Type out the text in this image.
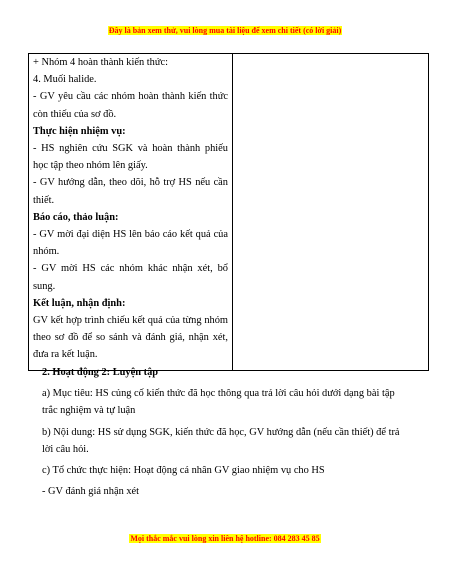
Đây là bản xem thử, vui lòng mua tài liệu để xem chi tiết (có lời giải)

+ Nhóm 4 hoàn thành kiến thức:

4. Muối halide.

- GV yêu cầu các nhóm hoàn thành kiến thức còn thiếu của sơ đồ.

Thực hiện nhiệm vụ:

- HS nghiên cứu SGK và hoàn thành phiếu học tập theo nhóm lên giấy.

- GV hướng dẫn, theo dõi, hỗ trợ HS nếu cần thiết.

Báo cáo, thảo luận:

- GV mời đại diện HS lên báo cáo kết quả của nhóm.

- GV mời HS các nhóm khác nhận xét, bổ sung.

Kết luận, nhận định:

GV kết hợp trình chiếu kết quả của từng nhóm theo sơ đồ để so sánh và đánh giá, nhận xét, đưa ra kết luận.

2. Hoạt động 2: Luyện tập

a) Mục tiêu: HS củng cố kiến thức đã học thông qua trả lời câu hỏi dưới dạng bài tập trắc nghiệm và tự luận

b) Nội dung: HS sử dụng SGK, kiến thức đã học, GV hướng dẫn (nếu cần thiết) để trả lời câu hỏi.

c) Tổ chức thực hiện: Hoạt động cá nhân GV giao nhiệm vụ cho HS

- GV đánh giá nhận xét

Mọi thắc mắc vui lòng xin liên hệ hotline: 084 283 45 85
